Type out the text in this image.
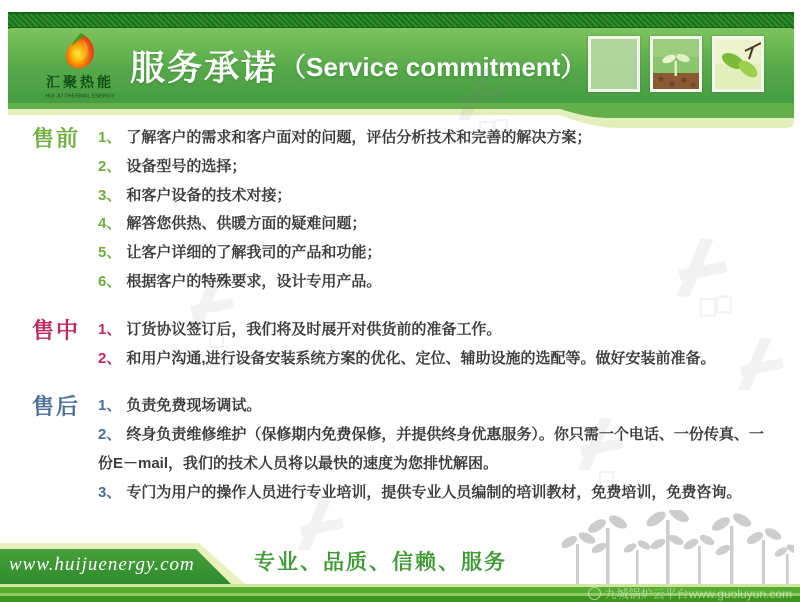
汇聚热能
HUI JU THERMAL ENERGY
服务承诺 （Service commitment）
售前	1、 了解客户的需求和客户面对的问题，评估分析技术和完善的解决方案；
2、 设备型号的选择；
3、 和客户设备的技术对接；
4、 解答您供热、供暖方面的疑难问题；
5、 让客户详细的了解我司的产品和功能；
6、 根据客户的特殊要求，设计专用产品。
售中	1、 订货协议签订后，我们将及时展开对供货前的准备工作。
2、 和用户沟通,进行设备安装系统方案的优化、定位、辅助设施的选配等。做好安装前准备。
售后	1、 负责免费现场调试。
2、 终身负责维修维护（保修期内免费保修，并提供终身优惠服务）。你只需一个电话、一份传真、一份E－mail，我们的技术人员将以最快的速度为您排忧解困。
3、 专门为用户的操作人员进行专业培训，提供专业人员编制的培训教材，免费培训，免费咨询。
www.huijuenergy.com	专业、品质、信赖、服务
九城锅炉云平台www.guoluyun.com
